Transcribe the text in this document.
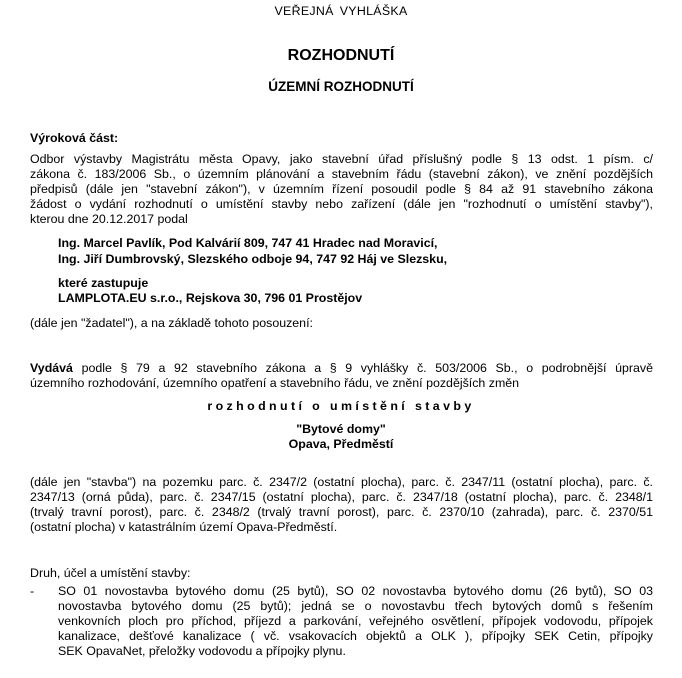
VEŘEJNÁ VYHLÁŠKA
ROZHODNUTÍ
ÚZEMNÍ ROZHODNUTÍ
Výroková část:
Odbor výstavby Magistrátu města Opavy, jako stavební úřad příslušný podle § 13 odst. 1 písm. c/
zákona č. 183/2006 Sb., o územním plánování a stavebním řádu (stavební zákon), ve znění pozdějších
předpisů (dále jen "stavební zákon"), v územním řízení posoudil podle § 84 až 91 stavebního zákona
žádost o vydání rozhodnutí o umístění stavby nebo zařízení (dále jen "rozhodnutí o umístění stavby"),
kterou dne 20.12.2017 podal
Ing. Marcel Pavlík, Pod Kalvárií 809, 747 41 Hradec nad Moravicí,
Ing. Jiří Dumbrovský, Slezského odboje 94, 747 92 Háj ve Slezsku,
které zastupuje
LAMPLOTA.EU s.r.o., Rejskova 30, 796 01 Prostějov
(dále jen "žadatel"), a na základě tohoto posouzení:
Vydává podle § 79 a 92 stavebního zákona a § 9 vyhlášky č. 503/2006 Sb., o podrobnější úpravě
územního rozhodování, územního opatření a stavebního řádu, ve znění pozdějších změn
rozhodnutí o umístění stavby
"Bytové domy"
Opava, Předměstí
(dále jen "stavba") na pozemku parc. č. 2347/2 (ostatní plocha), parc. č. 2347/11 (ostatní plocha), parc. č.
2347/13 (orná půda), parc. č. 2347/15 (ostatní plocha), parc. č. 2347/18 (ostatní plocha), parc. č. 2348/1
(trvalý travní porost), parc. č. 2348/2 (trvalý travní porost), parc. č. 2370/10 (zahrada), parc. č. 2370/51
(ostatní plocha) v katastrálním území Opava-Předměstí.
Druh, účel a umístění stavby:
- SO 01 novostavba bytového domu (25 bytů), SO 02 novostavba bytového domu (26 bytů), SO 03
novostavba bytového domu (25 bytů); jedná se o novostavbu třech bytových domů s řešením
venkovních ploch pro příchod, příjezd a parkování, veřejného osvětlení, přípojek vodovodu, přípojek
kanalizace, dešťové kanalizace ( vč. vsakovacích objektů a OLK ), přípojky SEK Cetin, přípojky
SEK OpavaNet, přeložky vodovodu a přípojky plynu.
